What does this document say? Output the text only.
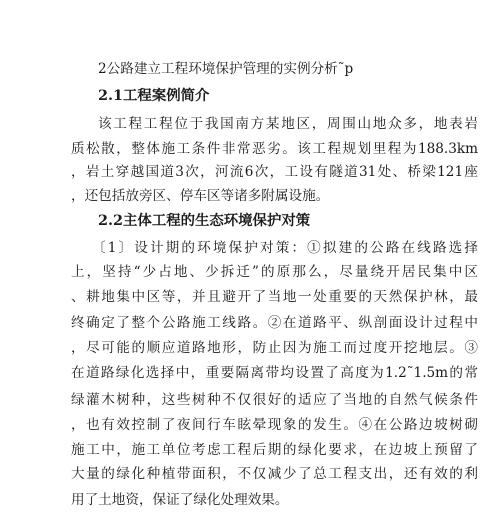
2公路建立工程环境保护管理的实例分析˜p
2.1工程案例简介
该工程工程位于我国南方某地区，周围山地众多，地表岩
质松散，整体施工条件非常恶劣。该工程规划里程为188.3km
，岩土穿越国道3次，河流6次，工设有隧道31处、桥梁121座
，还包括放旁区、停车区等诸多附属设施。
2.2主体工程的生态环境保护对策
〔1〕设计期的环境保护对策：①拟建的公路在线路选择
上，坚持“少占地、少拆迁”的原那么，尽量绕开居民集中区
、耕地集中区等，并且避开了当地一处重要的天然保护林，最
终确定了整个公路施工线路。②在道路平、纵剖面设计过程中
，尽可能的顺应道路地形，防止因为施工而过度开挖地层。③
在道路绿化选择中，重要隔离带均设置了高度为1.2˜1.5m的常
绿灌木树种，这些树种不仅很好的适应了当地的自然气候条件
，也有效控制了夜间行车眩晕现象的发生。④在公路边坡树砌
施工中，施工单位考虑工程后期的绿化要求，在边坡上预留了
大量的绿化种植带面积，不仅减少了总工程支出，还有效的利
用了土地资，保证了绿化处理效果。
